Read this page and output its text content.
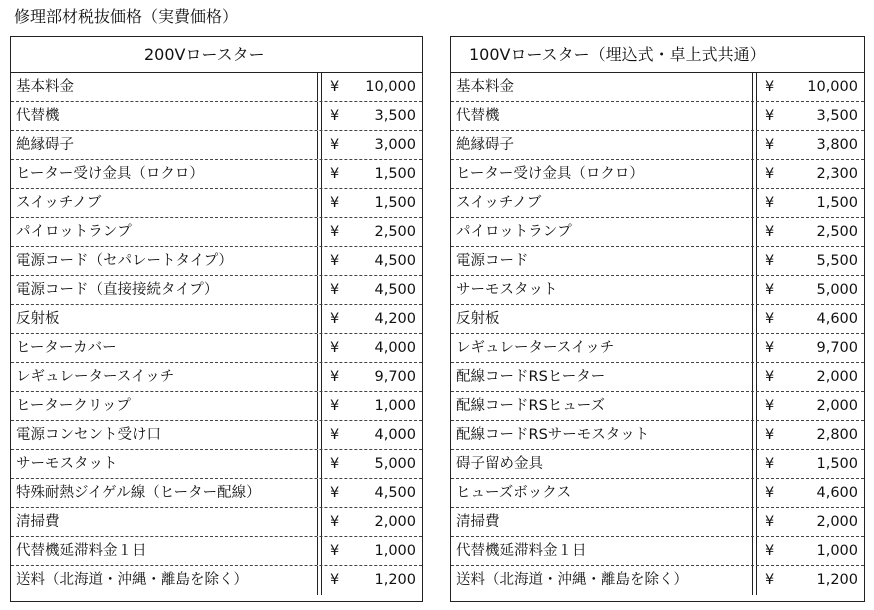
修理部材税抜価格（実費価格）
200Vロースター
基本料金	¥	10,000
代替機	¥	3,500
絶縁碍子	¥	3,000
ヒーター受け金具（ロクロ）	¥	1,500
スイッチノブ	¥	1,500
パイロットランプ	¥	2,500
電源コード（セパレートタイプ）	¥	4,500
電源コード（直接接続タイプ）	¥	4,500
反射板	¥	4,200
ヒーターカバー	¥	4,000
レギュレータースイッチ	¥	9,700
ヒータークリップ	¥	1,000
電源コンセント受け口	¥	4,000
サーモスタット	¥	5,000
特殊耐熱ジイゲル線（ヒーター配線）	¥	4,500
清掃費	¥	2,000
代替機延滞料金１日	¥	1,000
送料（北海道・沖縄・離島を除く）	¥	1,200
100Vロースター（埋込式・卓上式共通）
基本料金	¥	10,000
代替機	¥	3,500
絶縁碍子	¥	3,800
ヒーター受け金具（ロクロ）	¥	2,300
スイッチノブ	¥	1,500
パイロットランプ	¥	2,500
電源コード	¥	5,500
サーモスタット	¥	5,000
反射板	¥	4,600
レギュレータースイッチ	¥	9,700
配線コードRSヒーター	¥	2,000
配線コードRSヒューズ	¥	2,000
配線コードRSサーモスタット	¥	2,800
碍子留め金具	¥	1,500
ヒューズボックス	¥	4,600
清掃費	¥	2,000
代替機延滞料金１日	¥	1,000
送料（北海道・沖縄・離島を除く）	¥	1,200
